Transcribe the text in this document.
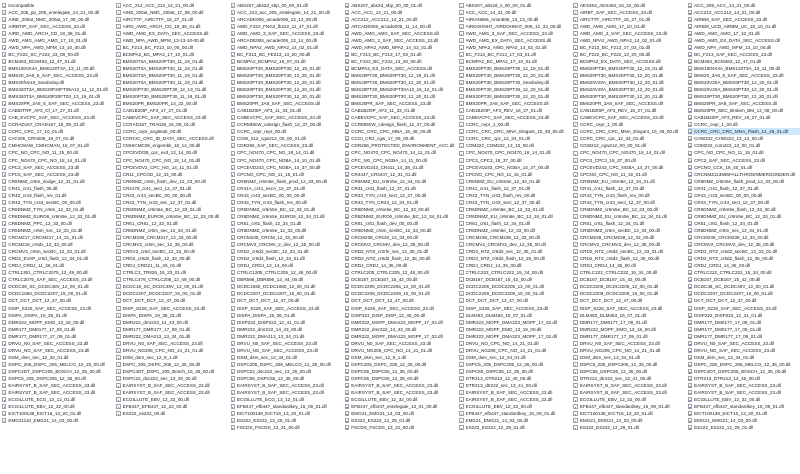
incompatible
ACC_205_pp_205_entelegate_14_21_00.dll
AINE_200at_NMC_200at_17_08_00.dll
AIRBTIP_SAF_SEC_ACCESS_23.dll
AIRD_AWD_ARCH_CD_18_38_01.dll
AWD_AMG_AMG_AMG_17_10_01.dll
AWD_NPA_AWD_MFM_13_10_00.dll
BC_F222_SC_F222_23_08_00.dll
BCM463_BCM463_12_47_01.dll
BMS1IENX4A_BMS120T3A_13_11_00.dll
BMS20_3A8_8_SAF_SEC_ACCESS_23.dll
BMS20fVe18_Seedndey.dll
BMS320T3A_BMS20P20FT05A12_11_12_01.dll
BMS320T3A_BMS20P20FT03_13_19_01.dll
BMS20PR_3A8_8_SAF_SEC_ACCESS_23.dll
CABIDTRP_AF3_Cf_17_27_01.dll
CAB_EVCPC_SAF_SEC_ACCESS_23.dll
CCRAD167_CRAD167_18_09_01.dll
CCRC_CRC_17_10_01.dll
CAY205_CRH205_18_07_01.dll
CMHCMAW_CMHCMAN_15_07_01.dll
CPC_NO_CPC_NO_11_15_00.dll
CPC_NO470_CPC_NO_18_14_01.dll
CPC3_SAF_SEC_ACCESS_23.dll
CPC5_SAF_SEC_ACCESS_23.dll
CR6NMZ_cr6m_dodge_12_31_01.dll
CR41_cr41_flash_05.dll
CR43_cr43_flash_rev_01.dll
CR43_TYN_cr43_secBC_00_00.dll
CR6DNMZ_TYN_cr6m_12_33_01.dll
CR6DNMZ_EURO6_cr6m5e_12_33_01.dll
CR6DNMZ_PPC_12_33_00.dll
CR6DNMZ_cr6m_sec_12_33_01.dll
CRCM217_CRCM217_14_31_01.dll
CRCM216_cr6dx_12_43_00.dll
CRCMV2_cr6m_secBC_12_33_01.dll
CRD2_EVAP_cr6d_flash_12_34_01.dll
CRDJ_CRDJ_11_26_01.dll
CTRL1381_CTRLC2075_12_49_00.dll
CTRLC2075_SAF_SEC_ACCESS_23.dll
DCDC48_SC_DCDC48V_12_00_01.dll
DCDC1660_DCDC2207_15_00_01.dll
DCT_DCT_DCT_12_47_00.dll
DISP_S226_SAF_SEC_ACCESS_23.dll
DISPA_DISPA_19_36_01.dll
DMR222_MOPF_EMO_13_18_00.dll
DMR177_DM0177_17_09_01.dll
DMR177_DMR177_17_09_01.dll
DRVU_N0_SAF_SEC_ACCESS_23.dll
DRVU_NG_SAF_SEC_ACCESS_23.dll
DSM_dsm_sec_12_34_01.dll
DSPC_205_DSPC_205_MELCO_12_35_00.dll
DSPC4DT_DSPC205_BOSCH_12_35_00.dll
DSPC5_205_DSPC205_12_35_00.dll
EAIRSYST_B_SAF_SEC_ACCESS_23.dll
EAIRSYST_B_SAF_SEC_ACCESS_23.dll
ECGILLUTE_ECG_13_12_01.dll
ECGILLUTE_EBV_12_32_00.dll
EICT100138_EICT16_13_20_01.dll
EMG21110_EMG21_14_03_00.dll
ACC_212_ACC_212_14_21_00.dll
AINE_200at_NMC_200at_17_08_00.dll
AIRCTTF_AIRCTTF_16_27_01.dll
AIRD_AWD_ARCH_CD_18_38_01.dll
AWD_AMG_EX_DATA_SEC_ACCESS.dll
AWD_NPA_AWD_MFM_13-13-10-00.dll
BC_F213_BC_F213_10_06_00.dll
BCMPA2_BC_MPA2_17_10_01.dll
BMS20T3A_BMS20PT30_11_19_01.dll
BMS20T3A_BMS20PT30_11_19_01.dll
BMS20T3A_BMS20PT30_11_19_01.dll
BMS20T3A_BMS20PT30_11_19_01.dll
BMS20PT30_BMS20PT30_12_13_01.dll
BMS20PT30_BMS20PT30_11_19_01.dll
BMS20PR_BMS20PR_14_22_00.dll
CAB1B20IP_AF3_17_27_01.dll
CABEVCPC_SAF_SEC_ACCESS_23.dll
CCRAD167_TRA026_16_09_01.dll
CCRC_cepr_angletab_00.dll
CCRCIC_CRC_ID_DATA_SEC_ACCESS.dll
CMHICMC06_engembk_18_14_00.dll
CPCEVDGB_cpc_evd_12_14_00.dll
CPC_NO470_CPC_NO_18_14_01.dll
CPCEVDV2_CPC_NG_14_11_01.dll
CR11_CPCGD_12_43_00.dll
CR6NMZ_cr6m_flash_dev_12_33_00.dll
CR4178_cr41_sect_12_37_01.dll
CR43_cr43_secBC_00_00_00.dll
CR43_TYN_cr43_sec_12_37_01.dll
CR6DNMZ_cr6m5e_BC_12_33_01.dll
CR6DNMZ_EURO6_cr6m5e_BC_12_33_00.dll
CR61_CR61_12_33_01.dll
CR6DNMZ_cr6m_sec_12_34_01.dll
CRCM238_CRCM217_12_33_00.dll
CRCMV2_cr6m_sec_12_35_00.dll
CRDV2_cr6d_secBC_12_33_00.dll
CRD2_cr6d2_flash_12_33_00.dll
CRDJ_CRD21_11_26_01.dll
CTRLC1_TR826_16_23_01.dll
CTRLC478_CTRLC205_12_49_00.dll
DCDC18_SC_DCDC48V_12_00_01.dll
DCDC2207_DCDC2207_15_00_01.dll
DCT_DCT_DCT_12_47_00.dll
DISP_S226_SAF_SEC_ACCESS_23.dll
DISPA_DISPA_19_36_01.dll
DMR222_dmr222_14_43_00.dll
DMR177_DMR177_17_09_01.dll
DMR222_DMA213_13_34_01.dll
DRVU_N0_SAF_SEC_ACCESS_23.dll
DRVU_NG205_CPC_NO_14_21_01.dll
DSM_dsm_sec_12_9_1.dll
DSPC_205_DSPC_205_12_35_00.dll
DSPC4DT_DSPC_205_Bosch_15_35_00.dll
DSPC22_dsc222_sec_13_26_00.dll
EAIRSYST_B_SAF_SEC_ACCESS_23.dll
EAIRSYST_B_SAF_SEC_ACCESS_23.dll
ECGILLUTE_EBV_12_32_00.dll
EFB447_EFB447_12_22_00.dll
ES222_es222_00.dll
ABS207_abs2d_sbp_00_00_01.dll
ACC_213_acc_205_entelegate_14_21_00.dll
ARCADE006_arcade006_13_14_00.dll
AWD_F222_FNG2_fk222_11_47_01.dll
AWD_AMG_3_SAF_SEC_ACCESS_23.dll
ARCADE006_arcade006_13_14_00.dll
AWD_NPA2_AWD_NPA2_14_02_01.dll
BC_F213_BC_FE213_13_20_00.dll
BCMPA2_BCMPA2_16_07_01.dll
BMS20PT30_BMS20PT30_12_19_01.dll
BMS20PT30_BMS20PT30_12_20_01.dll
BMS20PT30_BMS20PT30_12_20_01.dll
BMS20PT30_BMS20PT30_12_20_01.dll
BMS20PT30_BMS20PT30_12_20_01.dll
BMS20PR_3A8_SAF_SEC_ACCESS.dll
CAB1B20IP_AF3_11_33_01.dll
CABEVCPC_SAF_SEC_ACCESS_23.dll
CCRMDEW_cdesign_flash_12_37_00.dll
CCRC_cepr_repr_00.dll
CGW_212_cgw212_00_00_01.dll
CDR266_SAF_SEC_ACCESS_23.dll
CPC_NO470_CPC_NO_18_14_01.dll
CPC_NO470_CPC_NOBA_14_10_01.dll
CPCEVD243_CPC_NOBA_14_37_00.dll
CPCNO_CPC_NO_11_15_01.dll
CR6NMZ_cr6m5e_flash_prod_12_33_00.dll
CR41A_cr41_secA_12_37_01.dll
CR43_cr43_secBC_00_00_00.dll
CR43_TYN_cr43_flash_rev_00.dll
CR6DNMZ_cr6m5e_BC_12_33_01.dll
CR6DNMZ_cr6m5e_EURO6_12_34_01.dll
CR61_cr61_flash_12_34_01.dll
CR6DNMZ_cr6m5e_12_33_00.dll
CRCM238_CRCM_12_33_00.dll
CRCMV2_CRCMV_2_dev_12_35_00.dll
CRD2_cr6d2_secBC_12_33_01.dll
CRD2_cr6d2_flash_12_34_01.dll
CRDJ_CRDJ_12_14_00.dll
CTRLC1205_CTRLC205_12_48_00.dll
DBR596_DBR596_12_44_00.dll
DCDC1660_DCDC1660_12_00_01.dll
DCDC2207_DCDC2207_15_00_01.dll
DCT_DCT_DCT_12_47_00.dll
DISP_S226_SAF_SEC_ACCESS_23.dll
DISPA_DISPA_19_36_01.dll
DISP222_DISP222_12_41_01.dll
DMR222_dmr222_14_43_00.dll
DMR222_DMA213_13_34_01.dll
DRVU_N0_SAF_SEC_ACCESS_23.dll
DRVU_NG_SAF_SEC_ACCESS_23.dll
DSM_dsm_sec_12_34_01.dll
DSPC205_DSPC_205_MELCO_12_35_00.dll
DSPC22_dsc222_sec_13_26_00.dll
DSPC55_DSPC55_12_35_00.dll
EAIRSYST_B_SAF_SEC_ACCESS_23.dll
EAIRSYST_B_SAF_SEC_ACCESS_23.dll
ECGILLUTE_ECG_13_12_01.dll
EFB447_efb447_standardkey_15_09_01.dll
EICT100138_EICT16_13_20_01.dll
ES222_ES222_12_29_01.dll
FSCDS_FSCDS_13_31_00.dll
ABS207_abs2d_sbp_00_00_01.dll
ACC_ACC_14_21_00.dll
ACC212_ACC212_14_21_00.dll
ARCADE006_arcade006_11_14_00.dll
AWD_AMG_AMG_SAF_SEC_ACCESS.dll
AWD_AMG_3_SAF_SEC_ACCESS_23.dll
AWD_NPA2_AWD_NPA2_14_02_01.dll
BC_F213_BC_F213_17_03_01.dll
BC_F222_BC_F222_13_20_00.dll
BCMPA2_EX_DATA_SEC_ACCESS.dll
BMS20PT30_BMS20PT30_12_19_01.dll
BMS20PT30_BMS20PT30_12_20_01.dll
BMS20PT30_BMS20PT30A12_15_12_01.dll
BMS20PT30_BMS20PT30_12_20_01.dll
BMS20PR_SAF_SEC_ACCESS_23.dll
CAB1B20IP_AF3_11_33_01.dll
CABEVCPC_SAF_SEC_ACCESS_23.dll
CCRMDEW_cdesign_flash_12_37_00.dll
CCRC_CRC_CRC_MNA_18_48_00.dll
CCGI_CR2_cgw_17_06_00.dll
CDR266_PROTECTED_ENVIRONMENT_ACC.dll
CPC_NO470_CPC_NO470_14_11_01.dll
CPC_NG_CPC_NGBA_14_11_00.dll
CPCEVD243_CR411_14_38_01.dll
CR4447_CR4447_12_31_01.dll
CR6NMZ_EU_cr6m5e_12_34_01.dll
CR41_cr41_flash_12_37_01.dll
CR43_TYN_cr43_sect_12_37_00.dll
CR43_TYN_CR43_12_34_01.dll
CR6DNMZ_cr6m5e_BC_12_33_00.dll
CR6DNMZ_EURO6_cr6m5e_BC_12_34_01.dll
CR61_cr61_flash_dev_00_00.dll
CR6DNMZ_cr6m_secBC_12_33_00.dll
CRCM238_CRCM_12_33_00.dll
CRCMV2_CRCMV_dev_12_35_00.dll
CRD2_NTZ_cr2rfe_sec_12_39_01.dll
CRD2_NTZ_cr6d2_flash_12_35_00.dll
CRDJ_CRDJ_14_35_00.dll
CTRLC205_CTRLC205_12_48_00.dll
DCB167_DCB167_15_42_00.dll
DCDC2205_DCDC2205_12_00_01.dll
DCDC2209_DCDC2209_15_00_01.dll
DCT_DCT_DCT_12_47_00.dll
DISP_S226_SAF_SEC_ACCESS_23.dll
DISP222_DISP_DISP_12_45_00.dll
DMR222_MOPF_DMA223_MOPF_17_02.dll
DMR222_dmr222_14_43_00.dll
DMR222_MOPF_DMA223_MOPF_17_02.dll
DRVU_N0_SAF_SEC_ACCESS_23.dll
DRVU_NG205_CPC_NO_14_21_01.dll
DSM_dsm_sec_12_9_1.dll
DSPC205_DSPC_205_12_35_00.dll
DSPC55_DSPC55_12_35_00.dll
DSPC55_DSPC55_12_35_00.dll
EAIRSYST_B_SAF_SEC_ACCESS_23.dll
EAIRSYST_B_SAF_SEC_ACCESS_23.dll
ECGILLUTE_EBV_12_32_00.dll
EFB447_efb447_entelegate_13_01_00.dll
EMG21_EMG21_14_03_00.dll
ES222_ES222_12_29_01.dll
FSCDS_FSCDS_13_31_00.dll
ABS207_abs2d_s_00_00_01.dll
ACC_ACC_14_21_00.dll
AIRIAN666_Arian666_13_13_00.dll
AIRDOHNH7_AIRDOHNH7_006_12_33_00.dll
AWD_AMG_3_SAF_SEC_ACCESS_23.dll
AWD_AMG_EX_DATA_SEC_ACCESS.dll
AWD_NPA2_AWD_NPA2_14_02_01.dll
BC_F213_BC_F213_17_03_01.dll
BCMPA2_BC_MPA2_17_10_01.dll
BMS20PT30_BMS20PT30_12_19_01.dll
BMS20PT30_BMS20PT30_12_20_01.dll
BMS20PT30_BMS20PT30_Seedndey.dll
BMS20PT30_BMS20PT30_12_20_01.dll
BMS20PT30_BMS20PT30_12_20_01.dll
BMS20PR_3A8_SAF_SEC_ACCESS.dll
CAB1B20IP_AF3_REV_16_27_01.dll
CABEVCPC_SAF_SEC_ACCESS_23.dll
CCRC_cepr_1_00.dll
CCRC_CRC_CRC_MNA_Elegant_15_48_00.dll
CCRC_CRC_cpc_12_34_01.dll
COM222_COM222_13_10_00.dll
CPC_NO470_CPC_NO470_18_14_01.dll
CPC3_CPC3_18_37_00.dll
CPCEVD243_CPC_NGBA_14_37_00.dll
CPCNO_CPC_NO_11_15_01.dll
CR6NMZ_EU_cr6m5e_12_34_01.dll
CR41_cr41_flash_12_37_01.dll
CR43_TYN_cr43_flash_rev_00.dll
CR43_TYN_cr43_sect_12_37_00.dll
CR6DNMZ_cr6m5e_BC_12_33_01.dll
CR6DNMZ_EU_cr6m5e_BC_12_34_01.dll
CR61_cr61_flash_12_34_01.dll
CR6DNMZ_cr6m5e_12_33_00.dll
CRCM238_CRCM238_12_33_00.dll
CRCMV2_CRCMV2_dev_12_35_00.dll
CRD2_NTZ_cr6d2_sec_12_35_01.dll
CRD2_NTZ_cr6d2_flash_12_35_00.dll
CRDJ_CRDJ_14_35_00.dll
CTRLC222_CTRLC222_15_34_00.dll
DCB167_DCB167_15_42_00.dll
DCDC2205_DCDC2205_12_00_01.dll
DCDC2209_DCDC2209_15_00_01.dll
DCT_DCT_DCT_12_47_00.dll
DISP_S226_SAF_SEC_ACCESS_23.dll
DLM463_DLM463_16_07_01.dll
DMR222_MOPF_DMA223_MOPF_17_02.dll
DMR222_MOPF_EMO_13_18_00.dll
DMR222_MOPF_DMA223_MOPF_17_02.dll
DRVU_NO_CPC_NO_14_21_01.dll
DRVU_NG205_CPC_NO_14_21_01.dll
DSM_dsm_sec_12_34_01.dll
DSPC5_205_DSPC205_12_35_00.dll
DSPC55_DSPC55_12_35_00.dll
DTR213_DTR213_12_45_00.dll
DTR213_dtr222_sec_13_41_00.dll
EAIRSYST_B_SAF_SEC_ACCESS_23.dll
EAIRSYST_B_SAF_SEC_ACCESS_23.dll
ECGILLUTE_EBV_12_32_00.dll
EFB447_efb447_standardkey_15_09_01.dll
EMG21_EMG21_14_03_00.dll
ES222_ES222_12_29_01.dll
AES463_AES463_16_32_00.dll
AIRBT_SAF_SEC_ACCESS_23.dll
AIRCTTF_AIRCTTF_16_27_01.dll
AWD_AMG_AMG_17_10_01.dll
AWD_AMG_3_SAF_SEC_ACCESS_23.dll
AWD_NPA2_AWD_NPA2_14_02_01.dll
BC_F213_BC_F213_17_03_01.dll
BC_F222_BC_F222_13_20_00.dll
BCMPA2_EX_DATA_SEC_ACCESS.dll
BMS20PT30_BMS20PT30_12_19_01.dll
BMS20PT30_BMS20PT30_12_20_01.dll
BMS20V20A_BMS20PT30_12_20_01.dll
BMS20V20A_BMS20PT30_12_20_01.dll
BMS20PT30_BMS20PT30_12_20_01.dll
BMS20PR_3A8_SAF_SEC_ACCESS.dll
CAB1B20IP_AF3_REV_16_27_01.dll
CABEVCPC_SAF_SEC_ACCESS_23.dll
CCRC_cepr_1_00.dll
CCRC_CRC_CRC_MNA_Elegant_15_48_00.dll
CCRC_CRC_cpc_12_34_01.dll
CGW212_cgw212_00_00_01.dll
CPC_NO470_CPC_NO470_18_14_01.dll
CPC3_CPC3_18_37_00.dll
CPCEVD243_CPC_NGBA_14_37_00.dll
CPCNO_CPC_NO_11_15_01.dll
CR6NMZ_EU_cr6m5e_12_34_01.dll
CR41_cr41_flash_12_37_01.dll
CR43_TYN_cr43_flash_rev_00.dll
CR43_TYN_cr43_sect_12_37_00.dll
CR6DNMZ_cr6m5e_BC_12_33_00.dll
CR6DNMZ_EU_cr6m5e_BC_12_34_01.dll
CR61_cr61_flash_12_34_01.dll
CR6DNMZ_cr6m_secBC_12_33_00.dll
CRCM238_CRCM238_12_33_00.dll
CRCMV2_CRCMV2_dev_12_35_00.dll
CRD2_NTZ_cr6d2_secBC_12_33_01.dll
CRD2_NTZ_cr6d2_flash_12_35_00.dll
CRDJ_CRDJ_14_35_00.dll
CTRLC222_CTRLC222_15_34_00.dll
DCB167_DCB167_15_42_00.dll
DCDC2205_DCDC2205_12_00_01.dll
DCDC2209_DCDC2209_15_00_01.dll
DCT_DCT_DCT_12_47_00.dll
DISP_S226_SAF_SEC_ACCESS_23.dll
DLM463_DLM463_16_07_01.dll
DMR177_DM0177_17_09_01.dll
DMR222_MOPF_EMO_13_18_00.dll
DMR177_DMR177_17_09_01.dll
DRVU_N0_SAF_SEC_ACCESS_23.dll
DRVU_NG205_CPC_NO_14_21_01.dll
DSM_dsm_sec_12_34_01.dll
DSPC5_205_DSPC205_12_35_00.dll
DSPC55_DSPC55_12_35_00.dll
DTR213_dtr222_sec_13_41_00.dll
EAIRSYST_B_SAF_SEC_ACCESS_23.dll
EAIRSYST_B_SAF_SEC_ACCESS_23.dll
ECGILLUTE_EBV_12_32_00.dll
EFB447_efb447_standardkey_15_09_01.dll
EICT100138_EICT16_13_20_01.dll
EMG21_EMG21_14_03_00.dll
ES222_ES222_12_29_01.dll
ACC_205_ACC_14_21_00.dll
ACC212_ACC212_14_21_00.dll
AIRBM_SAF_SEC_ACCESS_23.dll
AIRBM_UCD_AIRBM_UC_18_10_01.dll
AWD_AMG_AMG_17_10_01.dll
AWD_AMG_EX_DATA_SEC_ACCESS.dll
AWD_NPA_AWD_MFM_13_10_00.dll
BC_F213_SAF_SEC_ACCESS_23.dll
BCM463_BCM463_12_47_01.dll
BMS1IENX4A_BMS120T3A_13_11_00.dll
BMS20_3A8_8_SAF_SEC_ACCESS_23.dll
BMS20V20A_BMS20PT30_12_20_01.dll
BMS20V20A_BMS20PT30_12_20_01.dll
BMS20PT30_BMS20PT30_12_20_01.dll
BMS20PR_3A8_SAF_SEC_ACCESS.dll
BMS20PR_SEC_Broken_BM_12_08_00.dll
CAB1B20IP_AF3_REV_16_27_01.dll
CCRC_cepr_1_00.dll
CCRC_CRC_CRC_MNA_Flash_14_48_01.dll
CHW222_CHW222_13_12_00.dll
COM222_com222_13_00_01.dll
CPC_NO_CPC_NO_11_15_01.dll
CPC3_SAF_SEC_ACCESS_23.dll
CPCNO_CCK_18_40_01.dll
CRCNMZ113686FALLTHROENMERGONDER.dll
CR6NMZ_cr6m5e_flash_prod_12_33_00.dll
CR41_cr41_flash_12_37_01.dll
CR43_cr43_secBC_00_00_00.dll
CR43_TYN_cr43_sect_12_37_00.dll
CR6DNMZ_cr6m5e_flash_12_33_00.dll
CR6DNMZ_EU_cr6m5e_BC_12_33_01.dll
CR61_cr61_flash_12_34_01.dll
CR6DNMZ_cr6m_sec_12_34_01.dll
CRCM238_CRCM238_12_33_00.dll
CRCMV2_CRCMV2_dev_12_35_00.dll
CRD2_NTZ_cr6d2_secBC_12_33_01.dll
CRD2_NTZ_cr6d2_flash_12_35_00.dll
CRDJ_CRDJ_14_35_00.dll
CTRLC222_CTRLC222_15_34_00.dll
DCB167_DCB167_15_42_00.dll
DCDC48_SC_DCDC48V_12_00_01.dll
DCDC2207_DCDC2207_15_00_01.dll
DCT_DCT_DCT_12_47_00.dll
DISP_S226_SAF_SEC_ACCESS_23.dll
DISP222_DISP222_12_41_01.dll
DMR177_DM0177_17_09_01.dll
DMR177_DM0177_17_09_01.dll
DMR177_DMR177_17_09_01.dll
DRVU_N0_SAF_SEC_ACCESS_23.dll
DRVU_NG_SAF_SEC_ACCESS_23.dll
DSM_dsm_sec_12_34_01.dll
DSPC_205_DSPC_205_MELCO_12_35_00.dll
DSPC4DT_DSPC205_BOSCH_12_35_00.dll
DTR213_DTR213_12_45_00.dll
EAIRSYST_B_SAF_SEC_ACCESS_23.dll
EAIRSYST_B_SAF_SEC_ACCESS_23.dll
ECGILLUTE_EBV_12_32_00.dll
EFB447_efb447_standardkey_15_09_01.dll
EICT100138_EICT16_13_20_01.dll
EMG21_EMG21_14_03_00.dll
ES222_ES222_12_29_01.dll
